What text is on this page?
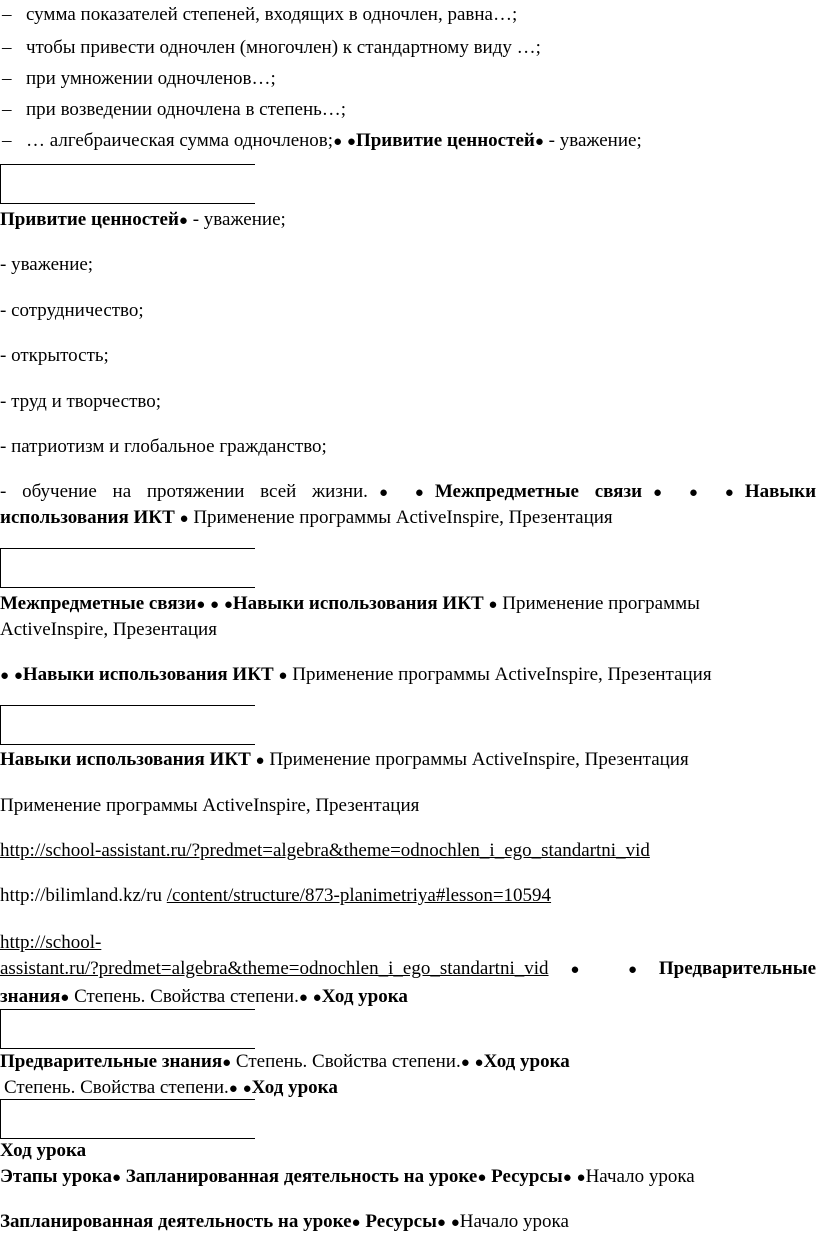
– сумма показателей степеней, входящих в одночлен, равна…;
– чтобы привести одночлен (многочлен) к стандартному виду …;
– при умножении одночленов…;
– при возведении одночлена в степень…;
– … алгебраическая сумма одночленов;● ●Привитие ценностей● - уважение;
Привитие ценностей● - уважение;
- уважение;
- сотрудничество;
- открытость;
- труд и творчество;
- патриотизм и глобальное гражданство;
- обучение на протяжении всей жизни.● ●Межпредметные связи● ● ●Навыки
использования ИКТ ● Применение программы ActiveInspire, Презентация
Межпредметные связи● ● ●Навыки использования ИКТ ● Применение программы
ActiveInspire, Презентация
● ●Навыки использования ИКТ ● Применение программы ActiveInspire, Презентация
Навыки использования ИКТ ● Применение программы ActiveInspire, Презентация
Применение программы ActiveInspire, Презентация
http://school-assistant.ru/?predmet=algebra&theme=odnochlen_i_ego_standartni_vid
http://bilimland.kz/ru /content/structure/873-planimetriya#lesson=10594
http://school-
assistant.ru/?predmet=algebra&theme=odnochlen_i_ego_standartni_vid● ●Предварительные
знания● Степень. Свойства степени.● ●Ход урока
Предварительные знания● Степень. Свойства степени.● ●Ход урока
Степень. Свойства степени.● ●Ход урока
Ход урока
Этапы урока● Запланированная деятельность на уроке● Ресурсы● ●Начало урока
Запланированная деятельность на уроке● Ресурсы● ●Начало урока
